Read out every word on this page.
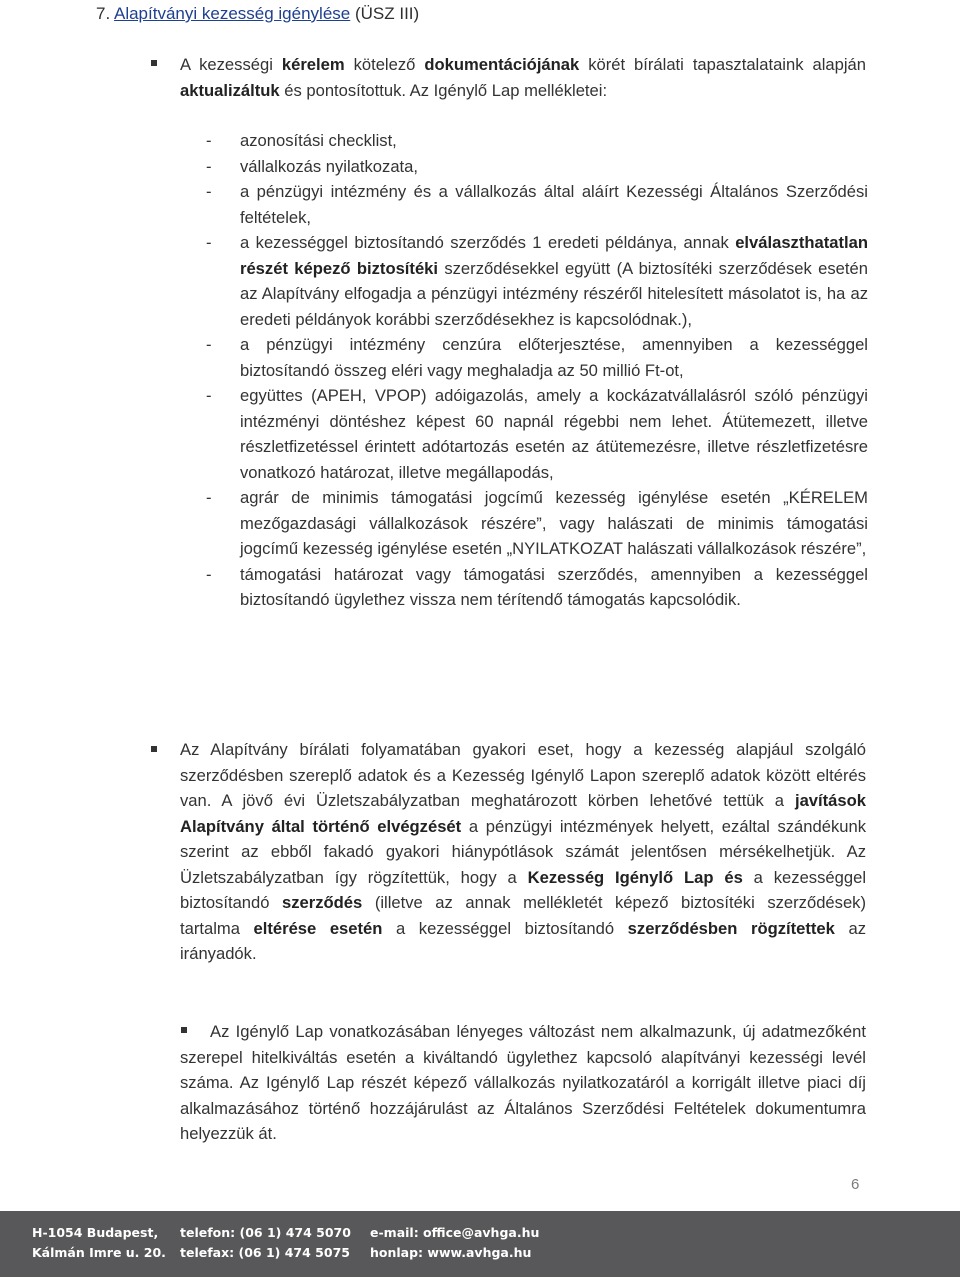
7. Alapítványi kezesség igénylése (ÜSZ III)
A kezességi kérelem kötelező dokumentációjának körét bírálati tapasztalataink alapján aktualizáltuk és pontosítottuk. Az Igénylő Lap mellékletei:
- azonosítási checklist,
- vállalkozás nyilatkozata,
- a pénzügyi intézmény és a vállalkozás által aláírt Kezességi Általános Szerződési feltételek,
- a kezességgel biztosítandó szerződés 1 eredeti példánya, annak elválaszthatatlan részét képező biztosítéki szerződésekkel együtt (A biztosítéki szerződések esetén az Alapítvány elfogadja a pénzügyi intézmény részéről hitelesített másolatot is, ha az eredeti példányok korábbi szerződésekhez is kapcsolódnak.),
- a pénzügyi intézmény cenzúra előterjesztése, amennyiben a kezességgel biztosítandó összeg eléri vagy meghaladja az 50 millió Ft-ot,
- együttes (APEH, VPOP) adóigazolás, amely a kockázatvállalásról szóló pénzügyi intézményi döntéshez képest 60 napnál régebbi nem lehet. Átütemezett, illetve részletfizetéssel érintett adótartozás esetén az átütemezésre, illetve részletfizetésre vonatkozó határozat, illetve megállapodás,
- agrár de minimis támogatási jogcímű kezesség igénylése esetén „KÉRELEM mezőgazdasági vállalkozások részére”, vagy halászati de minimis támogatási jogcímű kezesség igénylése esetén „NYILATKOZAT halászati vállalkozások részére”,
- támogatási határozat vagy támogatási szerződés, amennyiben a kezességgel biztosítandó ügylethez vissza nem térítendő támogatás kapcsolódik.
Az Alapítvány bírálati folyamatában gyakori eset, hogy a kezesség alapjául szolgáló szerződésben szereplő adatok és a Kezesség Igénylő Lapon szereplő adatok között eltérés van. A jövő évi Üzletszabályzatban meghatározott körben lehetővé tettük a javítások Alapítvány által történő elvégzését a pénzügyi intézmények helyett, ezáltal szándékunk szerint az ebből fakadó gyakori hiánypótlások számát jelentősen mérsékelhetjük. Az Üzletszabályzatban így rögzítettük, hogy a Kezesség Igénylő Lap és a kezességgel biztosítandó szerződés (illetve az annak mellékletét képező biztosítéki szerződések) tartalma eltérése esetén a kezességgel biztosítandó szerződésben rögzítettek az irányadók.
Az Igénylő Lap vonatkozásában lényeges változást nem alkalmazunk, új adatmezőként szerepel hitelkiváltás esetén a kiváltandó ügylethez kapcsoló alapítványi kezességi levél száma. Az Igénylő Lap részét képező vállalkozás nyilatkozatáról a korrigált illetve piaci díj alkalmazásához történő hozzájárulást az Általános Szerződési Feltételek dokumentumra helyezzük át.
6
H-1054 Budapest,
Kálmán Imre u. 20.
telefon: (06 1) 474 5070
telefax: (06 1) 474 5075
e-mail: office@avhga.hu
honlap: www.avhga.hu
